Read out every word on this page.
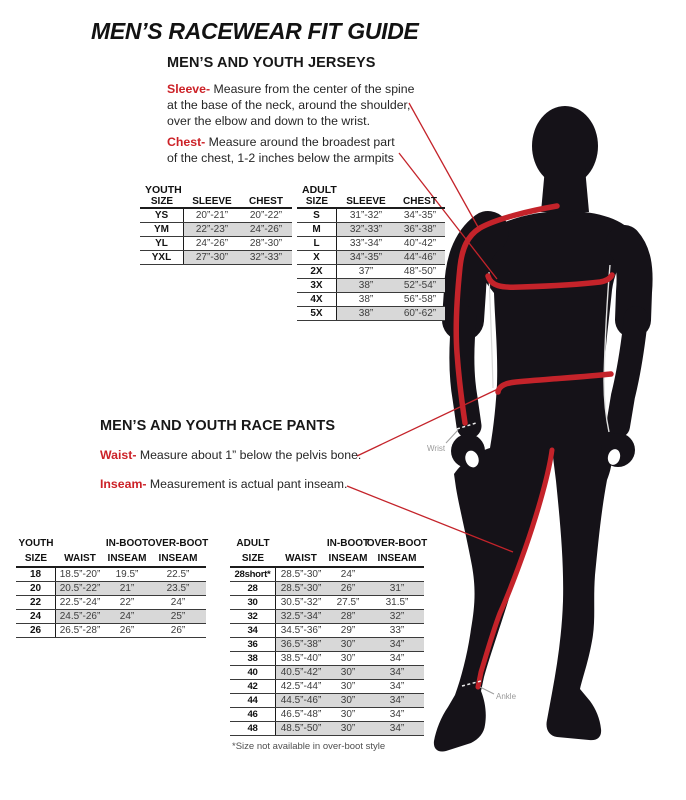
Wrist
Ankle
MEN’S RACEWEAR FIT GUIDE
MEN’S AND YOUTH JERSEYS

Sleeve- Measure from the center of the spine at the base of the neck, around the shoulder, over the elbow and down to the wrist.

Chest- Measure around the broadest part of the chest, 1-2 inches below the armpits

YOUTH
SIZE	SLEEVE	CHEST
YS	20”-21”	20”-22”
YM	22”-23”	24”-26”
YL	24”-26”	28”-30”
YXL	27”-30”	32”-33”
ADULT
SIZE	SLEEVE	CHEST
S	31”-32”	34”-35”
M	32”-33”	36”-38”
L	33”-34”	40”-42”
X	34”-35”	44”-46”
2X	37”	48”-50”
3X	38”	52”-54”
4X	38”	56”-58”
5X	38”	60”-62”
MEN’S AND YOUTH RACE PANTS

Waist- Measure about 1” below the pelvis bone.

Inseam- Measurement is actual pant inseam.

YOUTH	IN-BOOT OVER-BOOT
SIZE	WAIST	INSEAM	INSEAM
18	18.5”-20”	19.5”	22.5”
20	20.5”-22”	21”	23.5”
22	22.5”-24”	22”	24”
24	24.5”-26”	24”	25”
26	26.5”-28”	26”	26”
ADULT	IN-BOOT
OVER-BOOT
SIZE	WAIST	INSEAM	INSEAM
28short*	28.5”-30”	24”
28	28.5”-30”	26”	31”
30	30.5”-32”	27.5”	31.5”
32	32.5”-34”	28”	32”
34	34.5”-36”	29”	33”
36	36.5”-38”	30”	34”
38	38.5”-40”	30”	34”
40	40.5”-42”	30”	34”
42	42.5”-44”	30”	34”
44	44.5”-46”	30”	34”
46	46.5”-48”	30”	34”
48	48.5”-50”	30”	34”

*Size not available in over-boot style
